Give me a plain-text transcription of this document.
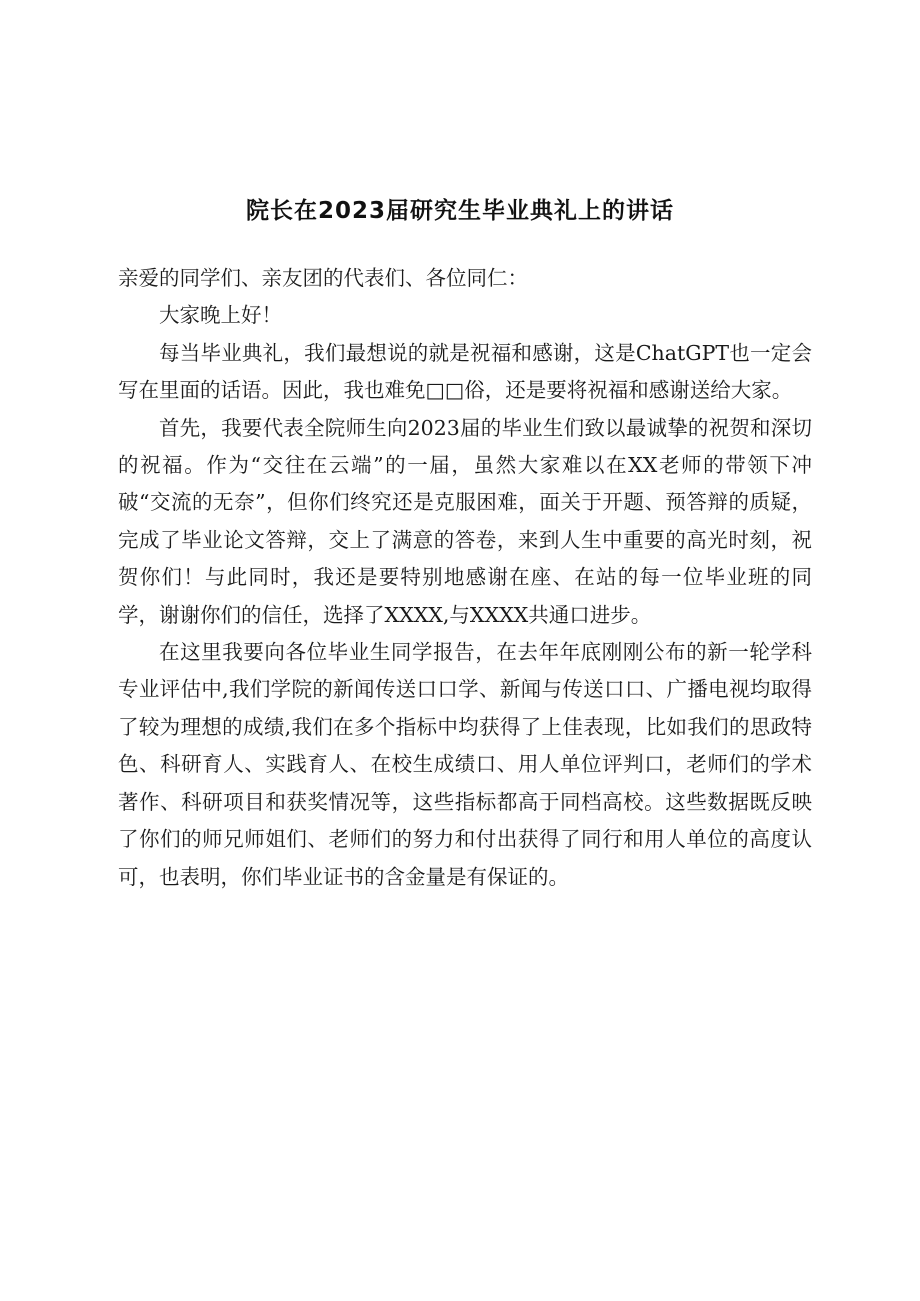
院长在2023届研究生毕业典礼上的讲话

亲爱的同学们、亲友团的代表们、各位同仁：

大家晚上好！

每当毕业典礼，我们最想说的就是祝福和感谢，这是ChatGPT也一定会写在里面的话语。因此，我也难免□□俗，还是要将祝福和感谢送给大家。

首先，我要代表全院师生向2023届的毕业生们致以最诚挚的祝贺和深切的祝福。作为“交往在云端”的一届，虽然大家难以在XX老师的带领下冲破“交流的无奈”，但你们终究还是克服困难，面关于开题、预答辩的质疑，完成了毕业论文答辩，交上了满意的答卷，来到人生中重要的高光时刻，祝贺你们！与此同时，我还是要特别地感谢在座、在站的每一位毕业班的同学，谢谢你们的信任，选择了XXXX,与XXXX共通口进步。

在这里我要向各位毕业生同学报告，在去年年底刚刚公布的新一轮学科专业评估中,我们学院的新闻传送口口学、新闻与传送口口、广播电视均取得了较为理想的成绩,我们在多个指标中均获得了上佳表现，比如我们的思政特色、科研育人、实践育人、在校生成绩口、用人单位评判口，老师们的学术著作、科研项目和获奖情况等，这些指标都高于同档高校。这些数据既反映了你们的师兄师姐们、老师们的努力和付出获得了同行和用人单位的高度认可，也表明，你们毕业证书的含金量是有保证的。
